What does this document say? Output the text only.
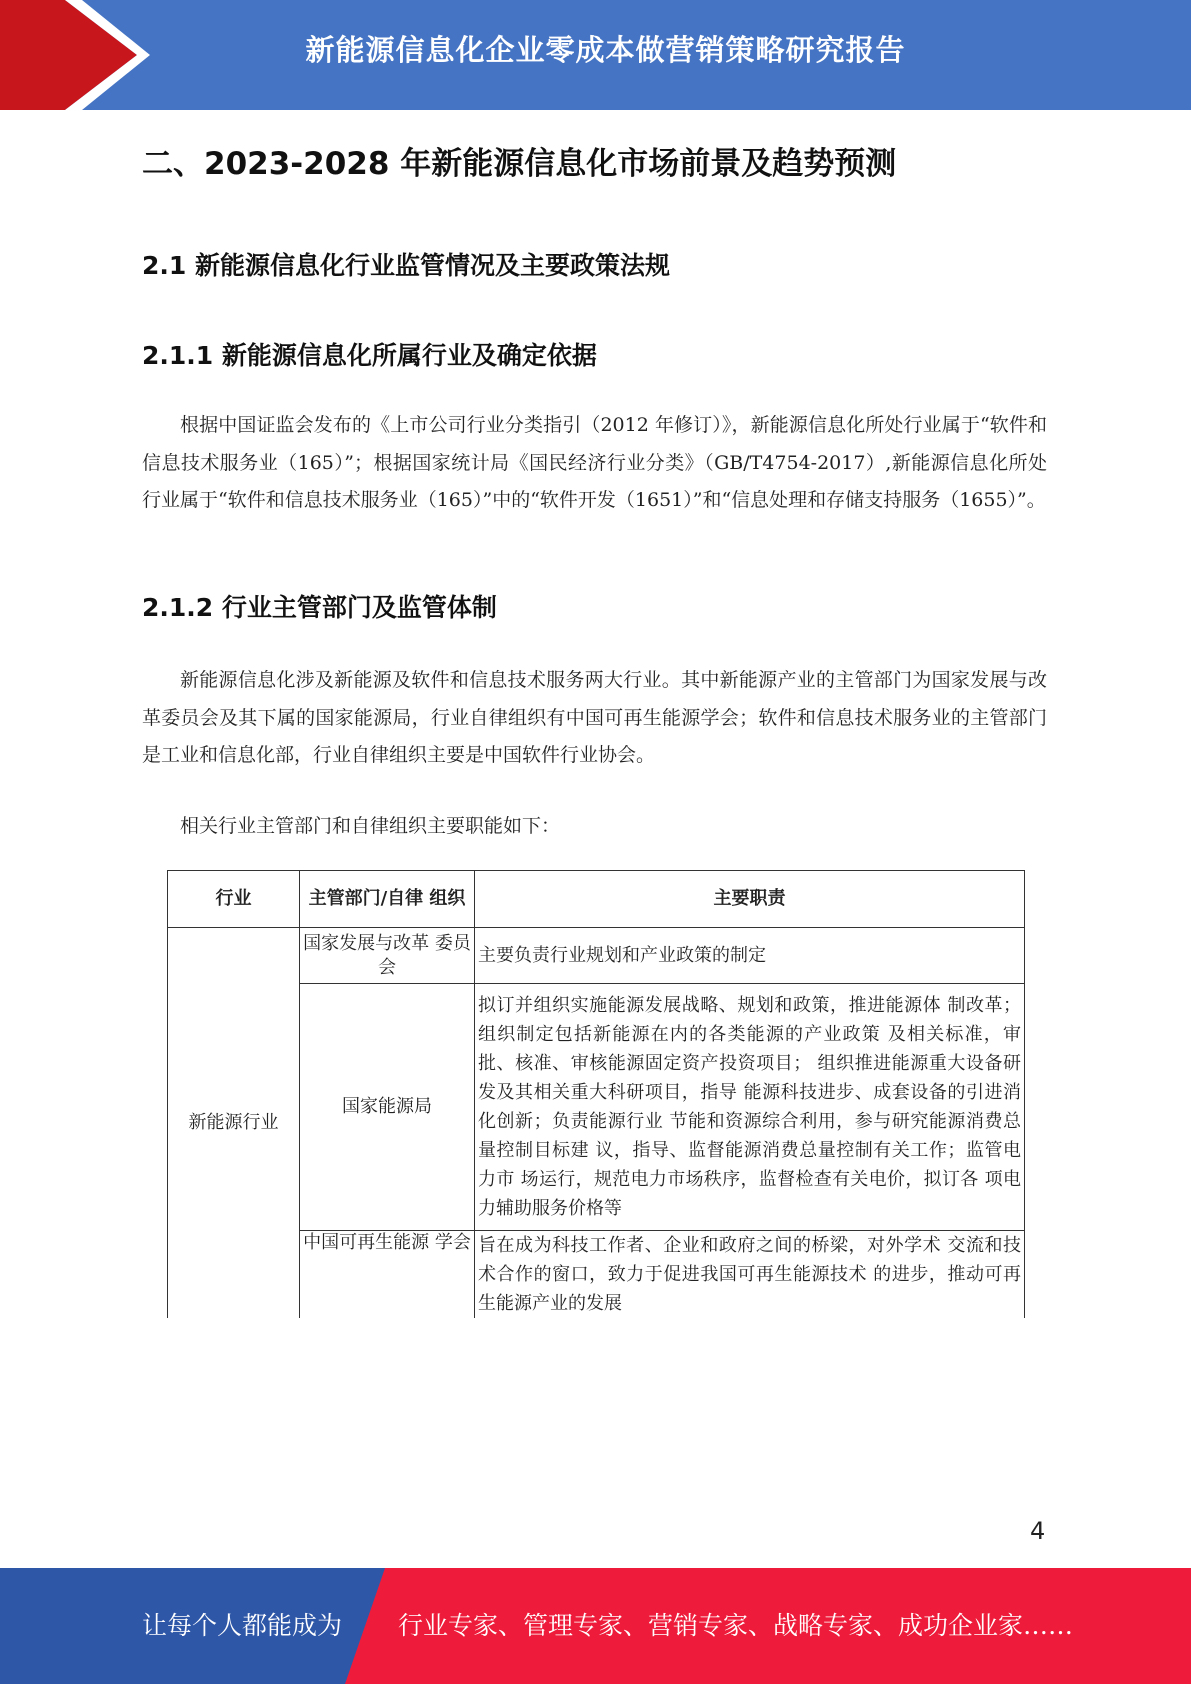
新能源信息化企业零成本做营销策略研究报告
二、2023-2028 年新能源信息化市场前景及趋势预测
2.1 新能源信息化行业监管情况及主要政策法规
2.1.1 新能源信息化所属行业及确定依据

根据中国证监会发布的《上市公司行业分类指引（2012 年修订）》，新能源信息化所处行业属于“软件和信息技术服务业（165）”；根据国家统计局《国民经济行业分类》（GB/T4754-2017）,新能源信息化所处行业属于“软件和信息技术服务业（165）”中的“软件开发（1651）”和“信息处理和存储支持服务（1655）”。

2.1.2 行业主管部门及监管体制

新能源信息化涉及新能源及软件和信息技术服务两大行业。其中新能源产业的主管部门为国家发展与改革委员会及其下属的国家能源局，行业自律组织有中国可再生能源学会；软件和信息技术服务业的主管部门是工业和信息化部，行业自律组织主要是中国软件行业协会。

相关行业主管部门和自律组织主要职能如下：

行业	主管部门/自律 组织	主要职责
新能源行业	国家发展与改革 委员会	主要负责行业规划和产业政策的制定
	国家能源局	拟订并组织实施能源发展战略、规划和政策，推进能源体 制改革；组织制定包括新能源在内的各类能源的产业政策 及相关标准，审批、核准、审核能源固定资产投资项目； 组织推进能源重大设备研发及其相关重大科研项目，指导 能源科技进步、成套设备的引进消化创新；负责能源行业 节能和资源综合利用，参与研究能源消费总量控制目标建 议，指导、监督能源消费总量控制有关工作；监管电力市 场运行，规范电力市场秩序，监督检查有关电价，拟订各 项电力辅助服务价格等
	中国可再生能源 学会	旨在成为科技工作者、企业和政府之间的桥梁，对外学术 交流和技术合作的窗口，致力于促进我国可再生能源技术 的进步，推动可再生能源产业的发展
4
让每个人都能成为 行业专家、管理专家、营销专家、战略专家、成功企业家……
